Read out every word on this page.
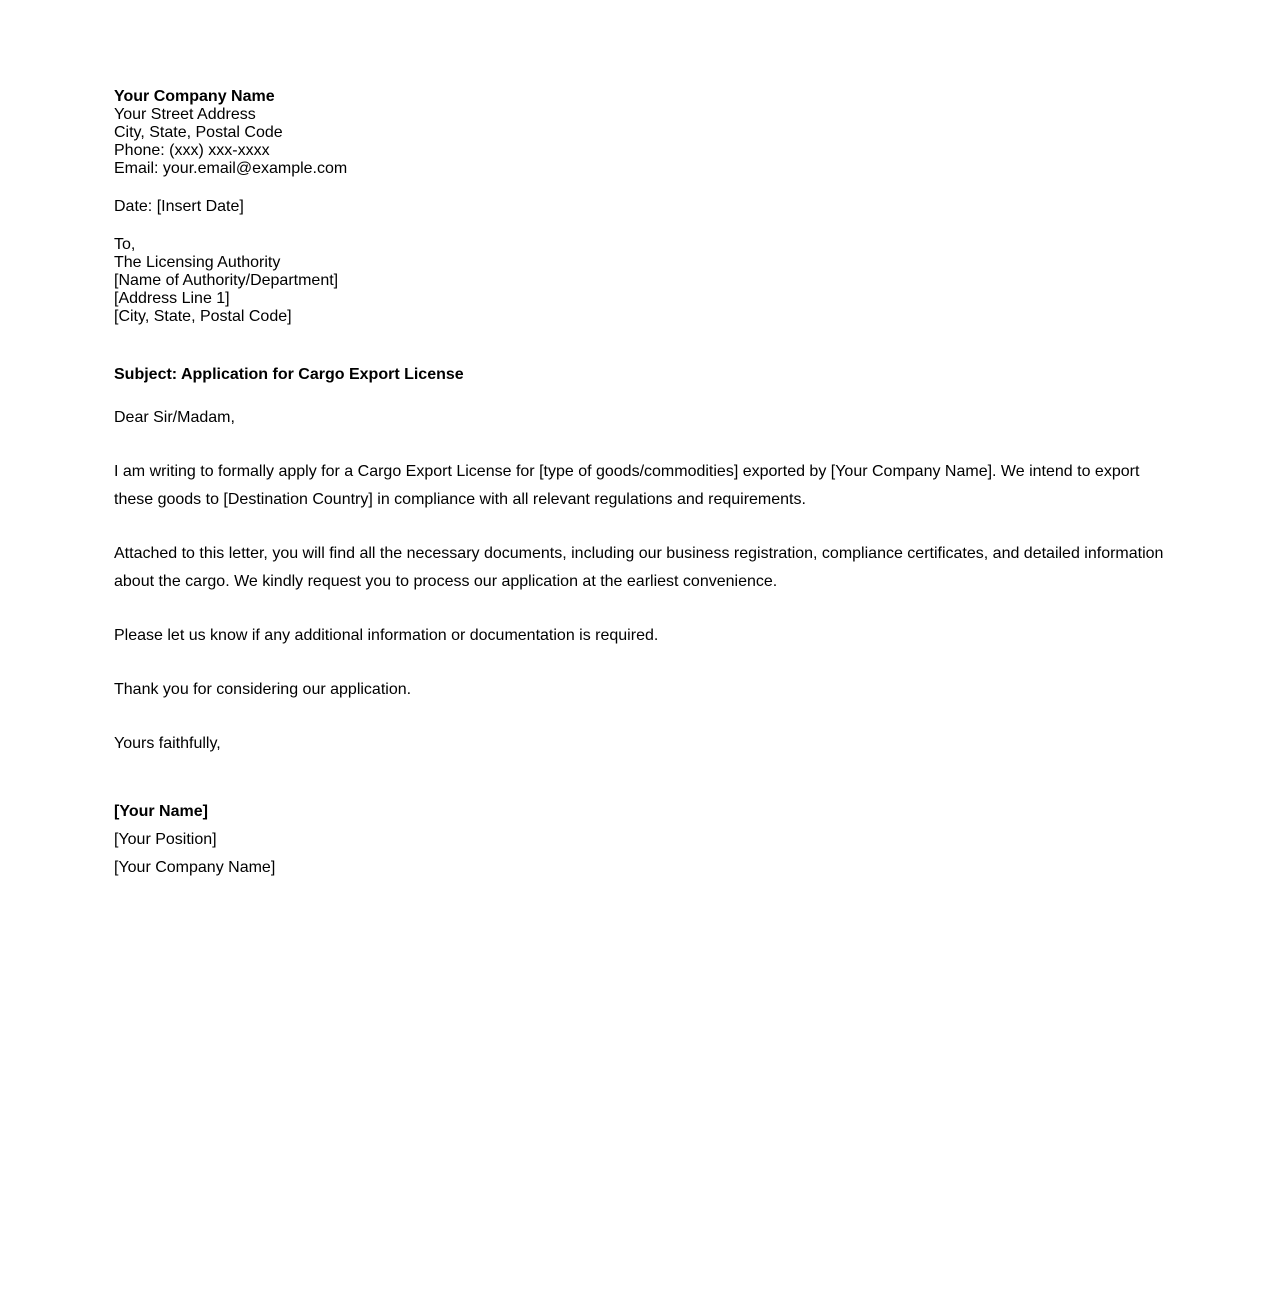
Your Company Name

Your Street Address

City, State, Postal Code

Phone: (xxx) xxx-xxxx

Email: your.email@example.com

Date: [Insert Date]

To,

The Licensing Authority

[Name of Authority/Department]

[Address Line 1]

[City, State, Postal Code]

Subject: Application for Cargo Export License

Dear Sir/Madam,

I am writing to formally apply for a Cargo Export License for [type of goods/commodities] exported by [Your Company Name]. We intend to export these goods to [Destination Country] in compliance with all relevant regulations and requirements.

Attached to this letter, you will find all the necessary documents, including our business registration, compliance certificates, and detailed information about the cargo. We kindly request you to process our application at the earliest convenience.

Please let us know if any additional information or documentation is required.

Thank you for considering our application.

Yours faithfully,

[Your Name]

[Your Position]

[Your Company Name]
